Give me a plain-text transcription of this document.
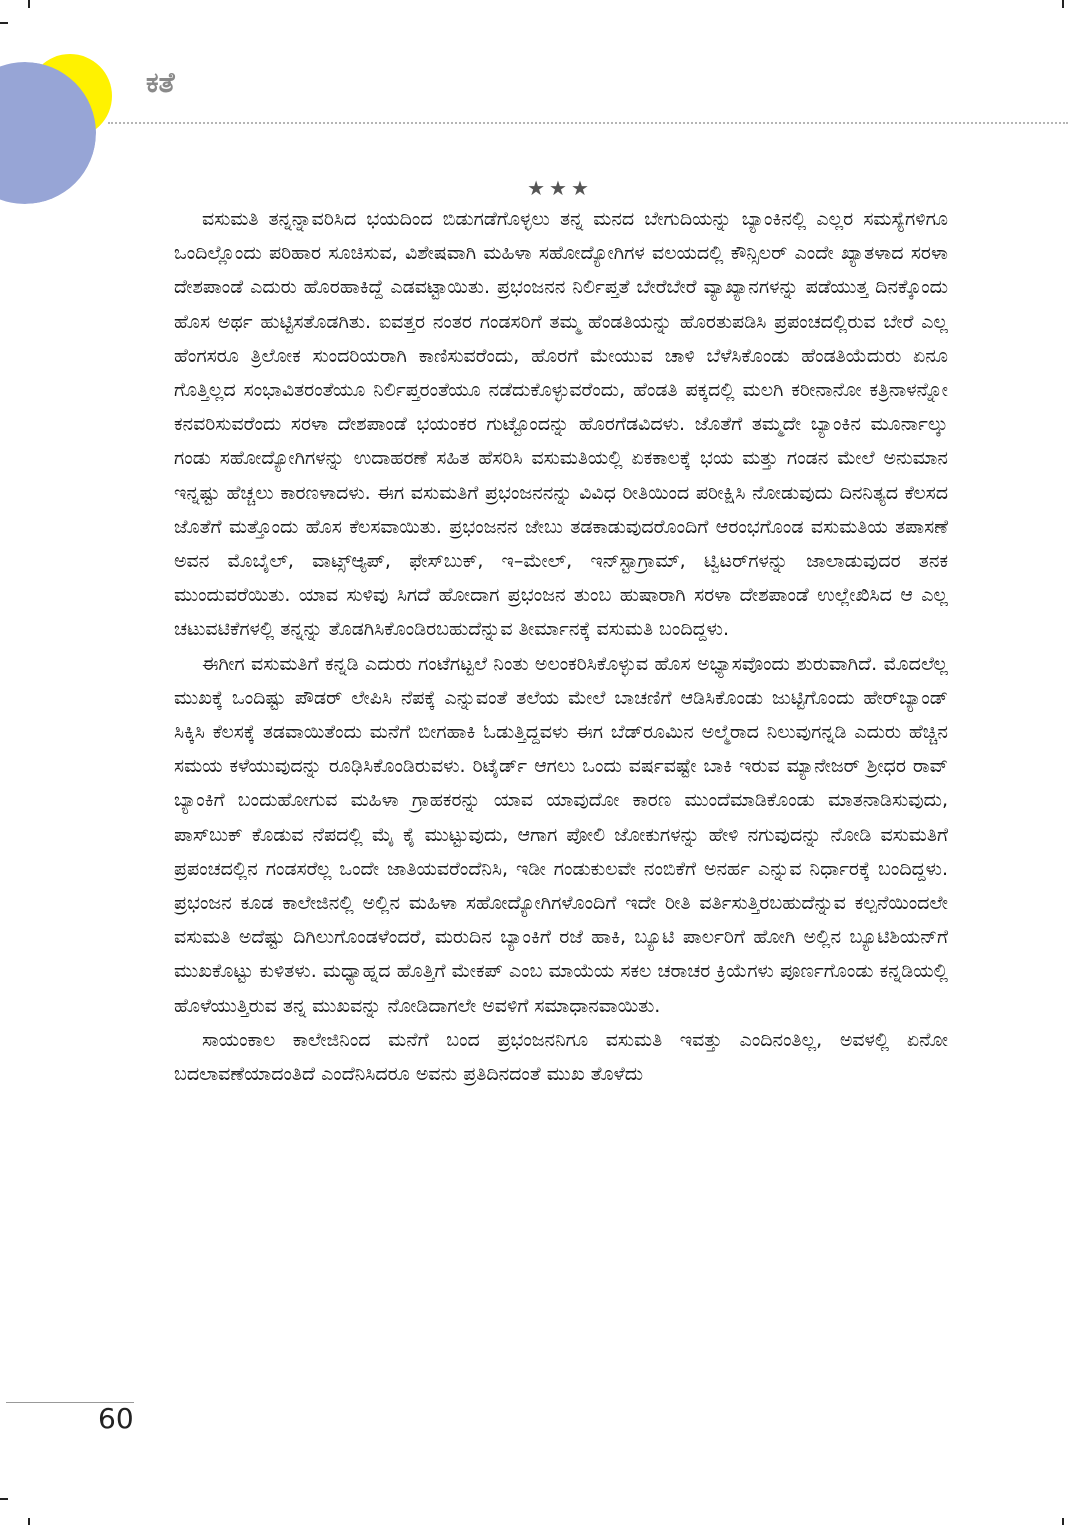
ಕತೆ
★★★

ವಸುಮತಿ ತನ್ನನ್ನಾವರಿಸಿದ ಭಯದಿಂದ ಬಿಡುಗಡೆಗೊಳ್ಳಲು ತನ್ನ ಮನದ ಬೇಗುದಿಯನ್ನು ಬ್ಯಾಂಕಿನಲ್ಲಿ ಎಲ್ಲರ ಸಮಸ್ಯೆಗಳಿಗೂ ಒಂದಿಲ್ಲೊಂದು ಪರಿಹಾರ ಸೂಚಿಸುವ, ವಿಶೇಷವಾಗಿ ಮಹಿಳಾ ಸಹೋದ್ಯೋಗಿಗಳ ವಲಯದಲ್ಲಿ ಕೌನ್ಸಿಲರ್ ಎಂದೇ ಖ್ಯಾತಳಾದ ಸರಳಾ ದೇಶಪಾಂಡೆ ಎದುರು ಹೊರಹಾಕಿದ್ದೆ ಎಡವಟ್ಟಾಯಿತು. ಪ್ರಭಂಜನನ ನಿರ್ಲಿಪ್ತತೆ ಬೇರೆಬೇರೆ ವ್ಯಾಖ್ಯಾನಗಳನ್ನು ಪಡೆಯುತ್ತ ದಿನಕ್ಕೊಂದು ಹೊಸ ಅರ್ಥ ಹುಟ್ಟಿಸತೊಡಗಿತು. ಐವತ್ತರ ನಂತರ ಗಂಡಸರಿಗೆ ತಮ್ಮ ಹೆಂಡತಿಯನ್ನು ಹೊರತುಪಡಿಸಿ ಪ್ರಪಂಚದಲ್ಲಿರುವ ಬೇರೆ ಎಲ್ಲ ಹೆಂಗಸರೂ ತ್ರಿಲೋಕ ಸುಂದರಿಯರಾಗಿ ಕಾಣಿಸುವರೆಂದು, ಹೊರಗೆ ಮೇಯುವ ಚಾಳಿ ಬೆಳೆಸಿಕೊಂಡು ಹೆಂಡತಿಯೆದುರು ಏನೂ ಗೊತ್ತಿಲ್ಲದ ಸಂಭಾವಿತರಂತೆಯೂ ನಿರ್ಲಿಪ್ತರಂತೆಯೂ ನಡೆದುಕೊಳ್ಳುವರೆಂದು, ಹೆಂಡತಿ ಪಕ್ಕದಲ್ಲಿ ಮಲಗಿ ಕರೀನಾನೋ ಕತ್ರಿನಾಳನ್ನೋ ಕನವರಿಸುವರೆಂದು ಸರಳಾ ದೇಶಪಾಂಡೆ ಭಯಂಕರ ಗುಟ್ಟೊಂದನ್ನು ಹೊರಗೆಡವಿದಳು. ಜೊತೆಗೆ ತಮ್ಮದೇ ಬ್ಯಾಂಕಿನ ಮೂರ್ನಾಲ್ಕು ಗಂಡು ಸಹೋದ್ಯೋಗಿಗಳನ್ನು ಉದಾಹರಣೆ ಸಹಿತ ಹೆಸರಿಸಿ ವಸುಮತಿಯಲ್ಲಿ ಏಕಕಾಲಕ್ಕೆ ಭಯ ಮತ್ತು ಗಂಡನ ಮೇಲೆ ಅನುಮಾನ ಇನ್ನಷ್ಟು ಹೆಚ್ಚಲು ಕಾರಣಳಾದಳು. ಈಗ ವಸುಮತಿಗೆ ಪ್ರಭಂಜನನನ್ನು ವಿವಿಧ ರೀತಿಯಿಂದ ಪರೀಕ್ಷಿಸಿ ನೋಡುವುದು ದಿನನಿತ್ಯದ ಕೆಲಸದ ಜೊತೆಗೆ ಮತ್ತೊಂದು ಹೊಸ ಕೆಲಸವಾಯಿತು. ಪ್ರಭಂಜನನ ಜೇಬು ತಡಕಾಡುವುದರೊಂದಿಗೆ ಆರಂಭಗೊಂಡ ವಸುಮತಿಯ ತಪಾಸಣೆ ಅವನ ಮೊಬೈಲ್, ವಾಟ್ಸ್‌ಆ್ಯಪ್, ಫೇಸ್‌ಬುಕ್, ಇ–ಮೇಲ್, ಇನ್‌ಸ್ಟಾಗ್ರಾಮ್, ಟ್ವಿಟರ್‌ಗಳನ್ನು ಜಾಲಾಡುವುದರ ತನಕ ಮುಂದುವರೆಯಿತು. ಯಾವ ಸುಳಿವು ಸಿಗದೆ ಹೋದಾಗ ಪ್ರಭಂಜನ ತುಂಬ ಹುಷಾರಾಗಿ ಸರಳಾ ದೇಶಪಾಂಡೆ ಉಲ್ಲೇಖಿಸಿದ ಆ ಎಲ್ಲ ಚಟುವಟಿಕೆಗಳಲ್ಲಿ ತನ್ನನ್ನು ತೊಡಗಿಸಿಕೊಂಡಿರಬಹುದೆನ್ನುವ ತೀರ್ಮಾನಕ್ಕೆ ವಸುಮತಿ ಬಂದಿದ್ದಳು.

ಈಗೀಗ ವಸುಮತಿಗೆ ಕನ್ನಡಿ ಎದುರು ಗಂಟೆಗಟ್ಟಲೆ ನಿಂತು ಅಲಂಕರಿಸಿಕೊಳ್ಳುವ ಹೊಸ ಅಭ್ಯಾಸವೊಂದು ಶುರುವಾಗಿದೆ. ಮೊದಲೆಲ್ಲ ಮುಖಕ್ಕೆ ಒಂದಿಷ್ಟು ಪೌಡರ್ ಲೇಪಿಸಿ ನೆಪಕ್ಕೆ ಎನ್ನುವಂತೆ ತಲೆಯ ಮೇಲೆ ಬಾಚಣಿಗೆ ಆಡಿಸಿಕೊಂಡು ಜುಟ್ಟಿಗೊಂದು ಹೇರ್‌ಬ್ಯಾಂಡ್ ಸಿಕ್ಕಿಸಿ ಕೆಲಸಕ್ಕೆ ತಡವಾಯಿತೆಂದು ಮನೆಗೆ ಬೀಗಹಾಕಿ ಓಡುತ್ತಿದ್ದವಳು ಈಗ ಬೆಡ್‌ರೂಮಿನ ಅಲ್ಮೆರಾದ ನಿಲುವುಗನ್ನಡಿ ಎದುರು ಹೆಚ್ಚಿನ ಸಮಯ ಕಳೆಯುವುದನ್ನು ರೂಢಿಸಿಕೊಂಡಿರುವಳು. ರಿಟೈರ್ಡ್ ಆಗಲು ಒಂದು ವರ್ಷವಷ್ಟೇ ಬಾಕಿ ಇರುವ ಮ್ಯಾನೇಜರ್ ಶ್ರೀಧರ ರಾವ್ ಬ್ಯಾಂಕಿಗೆ ಬಂದುಹೋಗುವ ಮಹಿಳಾ ಗ್ರಾಹಕರನ್ನು ಯಾವ ಯಾವುದೋ ಕಾರಣ ಮುಂದೆಮಾಡಿಕೊಂಡು ಮಾತನಾಡಿಸುವುದು, ಪಾಸ್‌ಬುಕ್ ಕೊಡುವ ನೆಪದಲ್ಲಿ ಮೈ ಕೈ ಮುಟ್ಟುವುದು, ಆಗಾಗ ಪೋಲಿ ಜೋಕುಗಳನ್ನು ಹೇಳಿ ನಗುವುದನ್ನು ನೋಡಿ ವಸುಮತಿಗೆ ಪ್ರಪಂಚದಲ್ಲಿನ ಗಂಡಸರೆಲ್ಲ ಒಂದೇ ಜಾತಿಯವರೆಂದೆನಿಸಿ, ಇಡೀ ಗಂಡುಕುಲವೇ ನಂಬಿಕೆಗೆ ಅನರ್ಹ ಎನ್ನುವ ನಿರ್ಧಾರಕ್ಕೆ ಬಂದಿದ್ದಳು. ಪ್ರಭಂಜನ ಕೂಡ ಕಾಲೇಜಿನಲ್ಲಿ ಅಲ್ಲಿನ ಮಹಿಳಾ ಸಹೋದ್ಯೋಗಿಗಳೊಂದಿಗೆ ಇದೇ ರೀತಿ ವರ್ತಿಸುತ್ತಿರಬಹುದೆನ್ನುವ ಕಲ್ಪನೆಯಿಂದಲೇ ವಸುಮತಿ ಅದೆಷ್ಟು ದಿಗಿಲುಗೊಂಡಳೆಂದರೆ, ಮರುದಿನ ಬ್ಯಾಂಕಿಗೆ ರಜೆ ಹಾಕಿ, ಬ್ಯೂಟಿ ಪಾರ್ಲರಿಗೆ ಹೋಗಿ ಅಲ್ಲಿನ ಬ್ಯೂಟಿಶಿಯನ್‌ಗೆ ಮುಖಕೊಟ್ಟು ಕುಳಿತಳು. ಮಧ್ಯಾಹ್ನದ ಹೊತ್ತಿಗೆ ಮೇಕಪ್ ಎಂಬ ಮಾಯೆಯ ಸಕಲ ಚರಾಚರ ಕ್ರಿಯೆಗಳು ಪೂರ್ಣಗೊಂಡು ಕನ್ನಡಿಯಲ್ಲಿ ಹೊಳೆಯುತ್ತಿರುವ ತನ್ನ ಮುಖವನ್ನು ನೋಡಿದಾಗಲೇ ಅವಳಿಗೆ ಸಮಾಧಾನವಾಯಿತು.

ಸಾಯಂಕಾಲ ಕಾಲೇಜಿನಿಂದ ಮನೆಗೆ ಬಂದ ಪ್ರಭಂಜನನಿಗೂ ವಸುಮತಿ ಇವತ್ತು ಎಂದಿನಂತಿಲ್ಲ, ಅವಳಲ್ಲಿ ಏನೋ ಬದಲಾವಣೆಯಾದಂತಿದೆ ಎಂದೆನಿಸಿದರೂ ಅವನು ಪ್ರತಿದಿನದಂತೆ ಮುಖ ತೊಳೆದು

60
